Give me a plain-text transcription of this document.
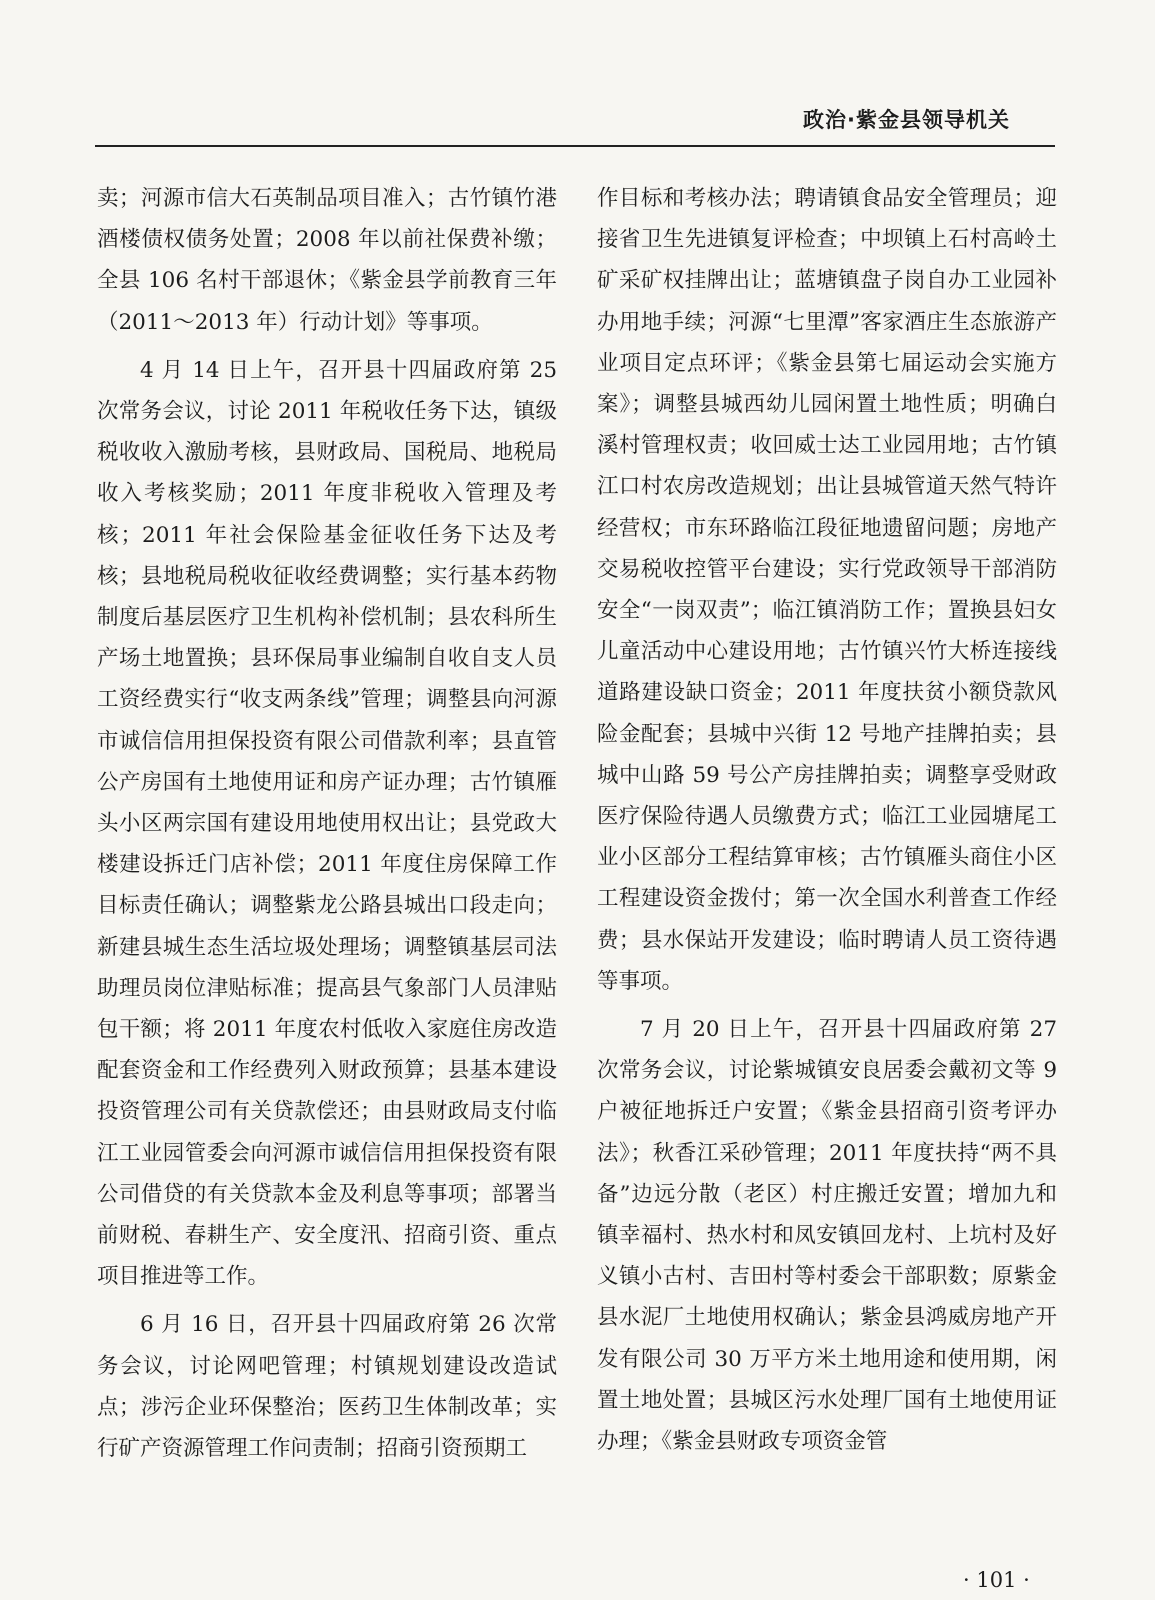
政治·紫金县领导机关

卖；河源市信大石英制品项目准入；古竹镇竹港酒楼债权债务处置；2008 年以前社保费补缴；全县 106 名村干部退休；《紫金县学前教育三年（2011～2013 年）行动计划》等事项。

4 月 14 日上午，召开县十四届政府第 25 次常务会议，讨论 2011 年税收任务下达，镇级税收收入激励考核，县财政局、国税局、地税局收入考核奖励；2011 年度非税收入管理及考核；2011 年社会保险基金征收任务下达及考核；县地税局税收征收经费调整；实行基本药物制度后基层医疗卫生机构补偿机制；县农科所生产场土地置换；县环保局事业编制自收自支人员工资经费实行“收支两条线”管理；调整县向河源市诚信信用担保投资有限公司借款利率；县直管公产房国有土地使用证和房产证办理；古竹镇雁头小区两宗国有建设用地使用权出让；县党政大楼建设拆迁门店补偿；2011 年度住房保障工作目标责任确认；调整紫龙公路县城出口段走向；新建县城生态生活垃圾处理场；调整镇基层司法助理员岗位津贴标准；提高县气象部门人员津贴包干额；将 2011 年度农村低收入家庭住房改造配套资金和工作经费列入财政预算；县基本建设投资管理公司有关贷款偿还；由县财政局支付临江工业园管委会向河源市诚信信用担保投资有限公司借贷的有关贷款本金及利息等事项；部署当前财税、春耕生产、安全度汛、招商引资、重点项目推进等工作。

6 月 16 日，召开县十四届政府第 26 次常务会议，讨论网吧管理；村镇规划建设改造试点；涉污企业环保整治；医药卫生体制改革；实行矿产资源管理工作问责制；招商引资预期工

作目标和考核办法；聘请镇食品安全管理员；迎接省卫生先进镇复评检查；中坝镇上石村高岭土矿采矿权挂牌出让；蓝塘镇盘子岗自办工业园补办用地手续；河源“七里潭”客家酒庄生态旅游产业项目定点环评；《紫金县第七届运动会实施方案》；调整县城西幼儿园闲置土地性质；明确白溪村管理权责；收回威士达工业园用地；古竹镇江口村农房改造规划；出让县城管道天然气特许经营权；市东环路临江段征地遗留问题；房地产交易税收控管平台建设；实行党政领导干部消防安全“一岗双责”；临江镇消防工作；置换县妇女儿童活动中心建设用地；古竹镇兴竹大桥连接线道路建设缺口资金；2011 年度扶贫小额贷款风险金配套；县城中兴街 12 号地产挂牌拍卖；县城中山路 59 号公产房挂牌拍卖；调整享受财政医疗保险待遇人员缴费方式；临江工业园塘尾工业小区部分工程结算审核；古竹镇雁头商住小区工程建设资金拨付；第一次全国水利普查工作经费；县水保站开发建设；临时聘请人员工资待遇等事项。

7 月 20 日上午，召开县十四届政府第 27 次常务会议，讨论紫城镇安良居委会戴初文等 9 户被征地拆迁户安置；《紫金县招商引资考评办法》；秋香江采砂管理；2011 年度扶持“两不具备”边远分散（老区）村庄搬迁安置；增加九和镇幸福村、热水村和凤安镇回龙村、上坑村及好义镇小古村、吉田村等村委会干部职数；原紫金县水泥厂土地使用权确认；紫金县鸿威房地产开发有限公司 30 万平方米土地用途和使用期，闲置土地处置；县城区污水处理厂国有土地使用证办理；《紫金县财政专项资金管

· 101 ·
